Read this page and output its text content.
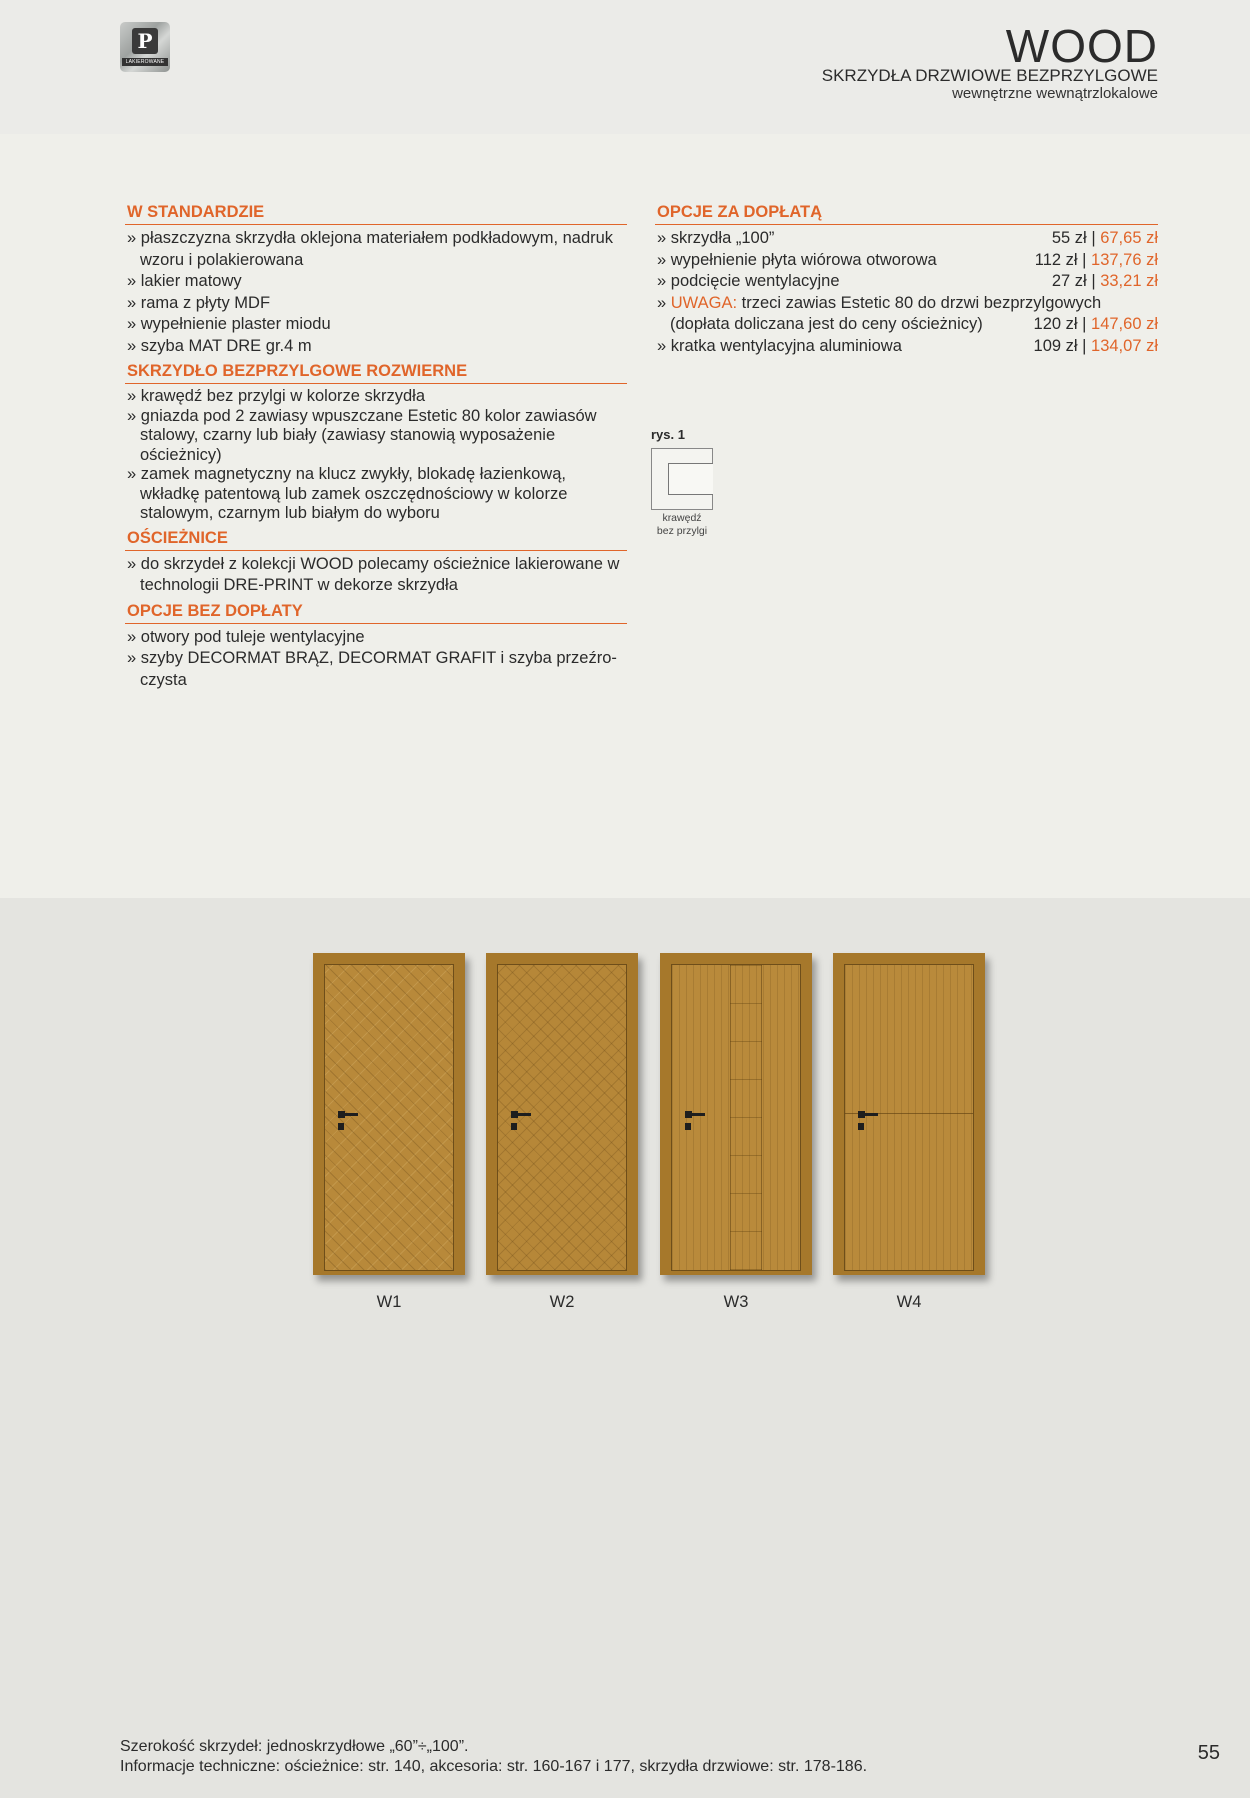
P
LAKIEROWANE	WOOD
SKRZYDŁA DRZWIOWE BEZPRZYLGOWE
wewnętrzne wewnątrzlokalowe
W STANDARDZIE
» płaszczyzna skrzydła oklejona materiałem podkładowym, nadruk wzoru i polakierowana
» lakier matowy
» rama z płyty MDF
» wypełnienie plaster miodu
» szyba MAT DRE gr.4 m
SKRZYDŁO BEZPRZYLGOWE ROZWIERNE
» krawędź bez przylgi w kolorze skrzydła
» gniazda pod 2 zawiasy wpuszczane Estetic 80 kolor zawiasów stalowy, czarny lub biały (zawiasy stanowią wyposażenie ościeżnicy)
» zamek magnetyczny na klucz zwykły, blokadę łazienkową, wkładkę patentową lub zamek oszczędnościowy w kolorze stalowym, czarnym lub białym do wyboru
OŚCIEŻNICE
» do skrzydeł z kolekcji WOOD polecamy ościeżnice lakierowane w technologii DRE-PRINT w dekorze skrzydła
OPCJE BEZ DOPŁATY
» otwory pod tuleje wentylacyjne
» szyby DECORMAT BRĄZ, DECORMAT GRAFIT i szyba przeźro-czysta
OPCJE ZA DOPŁATĄ
» skrzydła „100”	55 zł | 67,65 zł
» wypełnienie płyta wiórowa otworowa	112 zł | 137,76 zł
» podcięcie wentylacyjne	27 zł | 33,21 zł
» UWAGA: trzeci zawias Estetic 80 do drzwi bezprzylgowych
(dopłata doliczana jest do ceny ościeżnicy)	120 zł | 147,60 zł
» kratka wentylacyjna aluminiowa	109 zł | 134,07 zł
rys. 1
krawędź
bez przylgi
W1	W2	W3	W4
Szerokość skrzydeł: jednoskrzydłowe „60”÷„100”.
Informacje techniczne: ościeżnice: str. 140, akcesoria: str. 160-167 i 177, skrzydła drzwiowe: str. 178-186.
55
